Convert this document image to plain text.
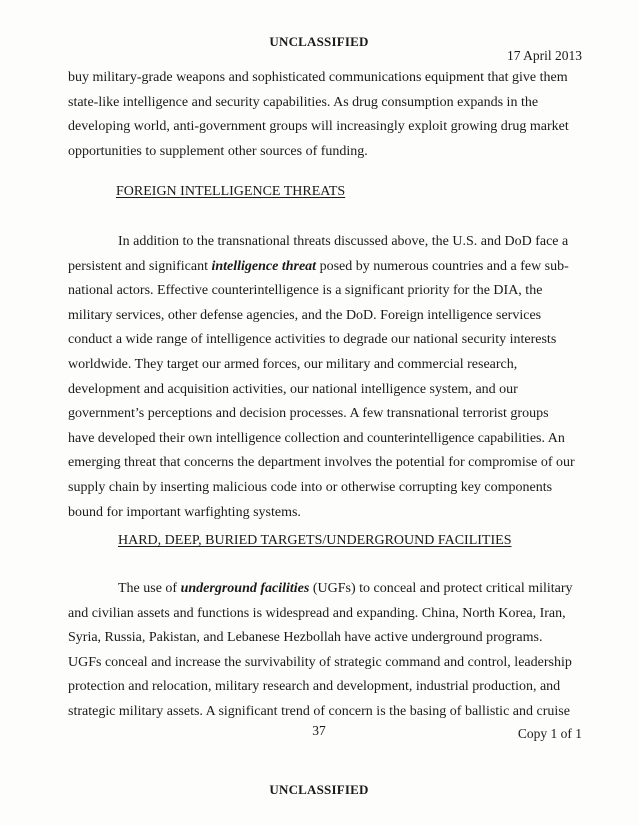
UNCLASSIFIED
17 April 2013

buy military-grade weapons and sophisticated communications equipment that give them state-like intelligence and security capabilities. As drug consumption expands in the developing world, anti-government groups will increasingly exploit growing drug market opportunities to supplement other sources of funding.

FOREIGN INTELLIGENCE THREATS

In addition to the transnational threats discussed above, the U.S. and DoD face a persistent and significant intelligence threat posed by numerous countries and a few sub-national actors. Effective counterintelligence is a significant priority for the DIA, the military services, other defense agencies, and the DoD. Foreign intelligence services conduct a wide range of intelligence activities to degrade our national security interests worldwide. They target our armed forces, our military and commercial research, development and acquisition activities, our national intelligence system, and our government’s perceptions and decision processes. A few transnational terrorist groups have developed their own intelligence collection and counterintelligence capabilities. An emerging threat that concerns the department involves the potential for compromise of our supply chain by inserting malicious code into or otherwise corrupting key components bound for important warfighting systems.

HARD, DEEP, BURIED TARGETS/UNDERGROUND FACILITIES

The use of underground facilities (UGFs) to conceal and protect critical military and civilian assets and functions is widespread and expanding. China, North Korea, Iran, Syria, Russia, Pakistan, and Lebanese Hezbollah have active underground programs. UGFs conceal and increase the survivability of strategic command and control, leadership protection and relocation, military research and development, industrial production, and strategic military assets. A significant trend of concern is the basing of ballistic and cruise

37	Copy 1 of 1
UNCLASSIFIED
